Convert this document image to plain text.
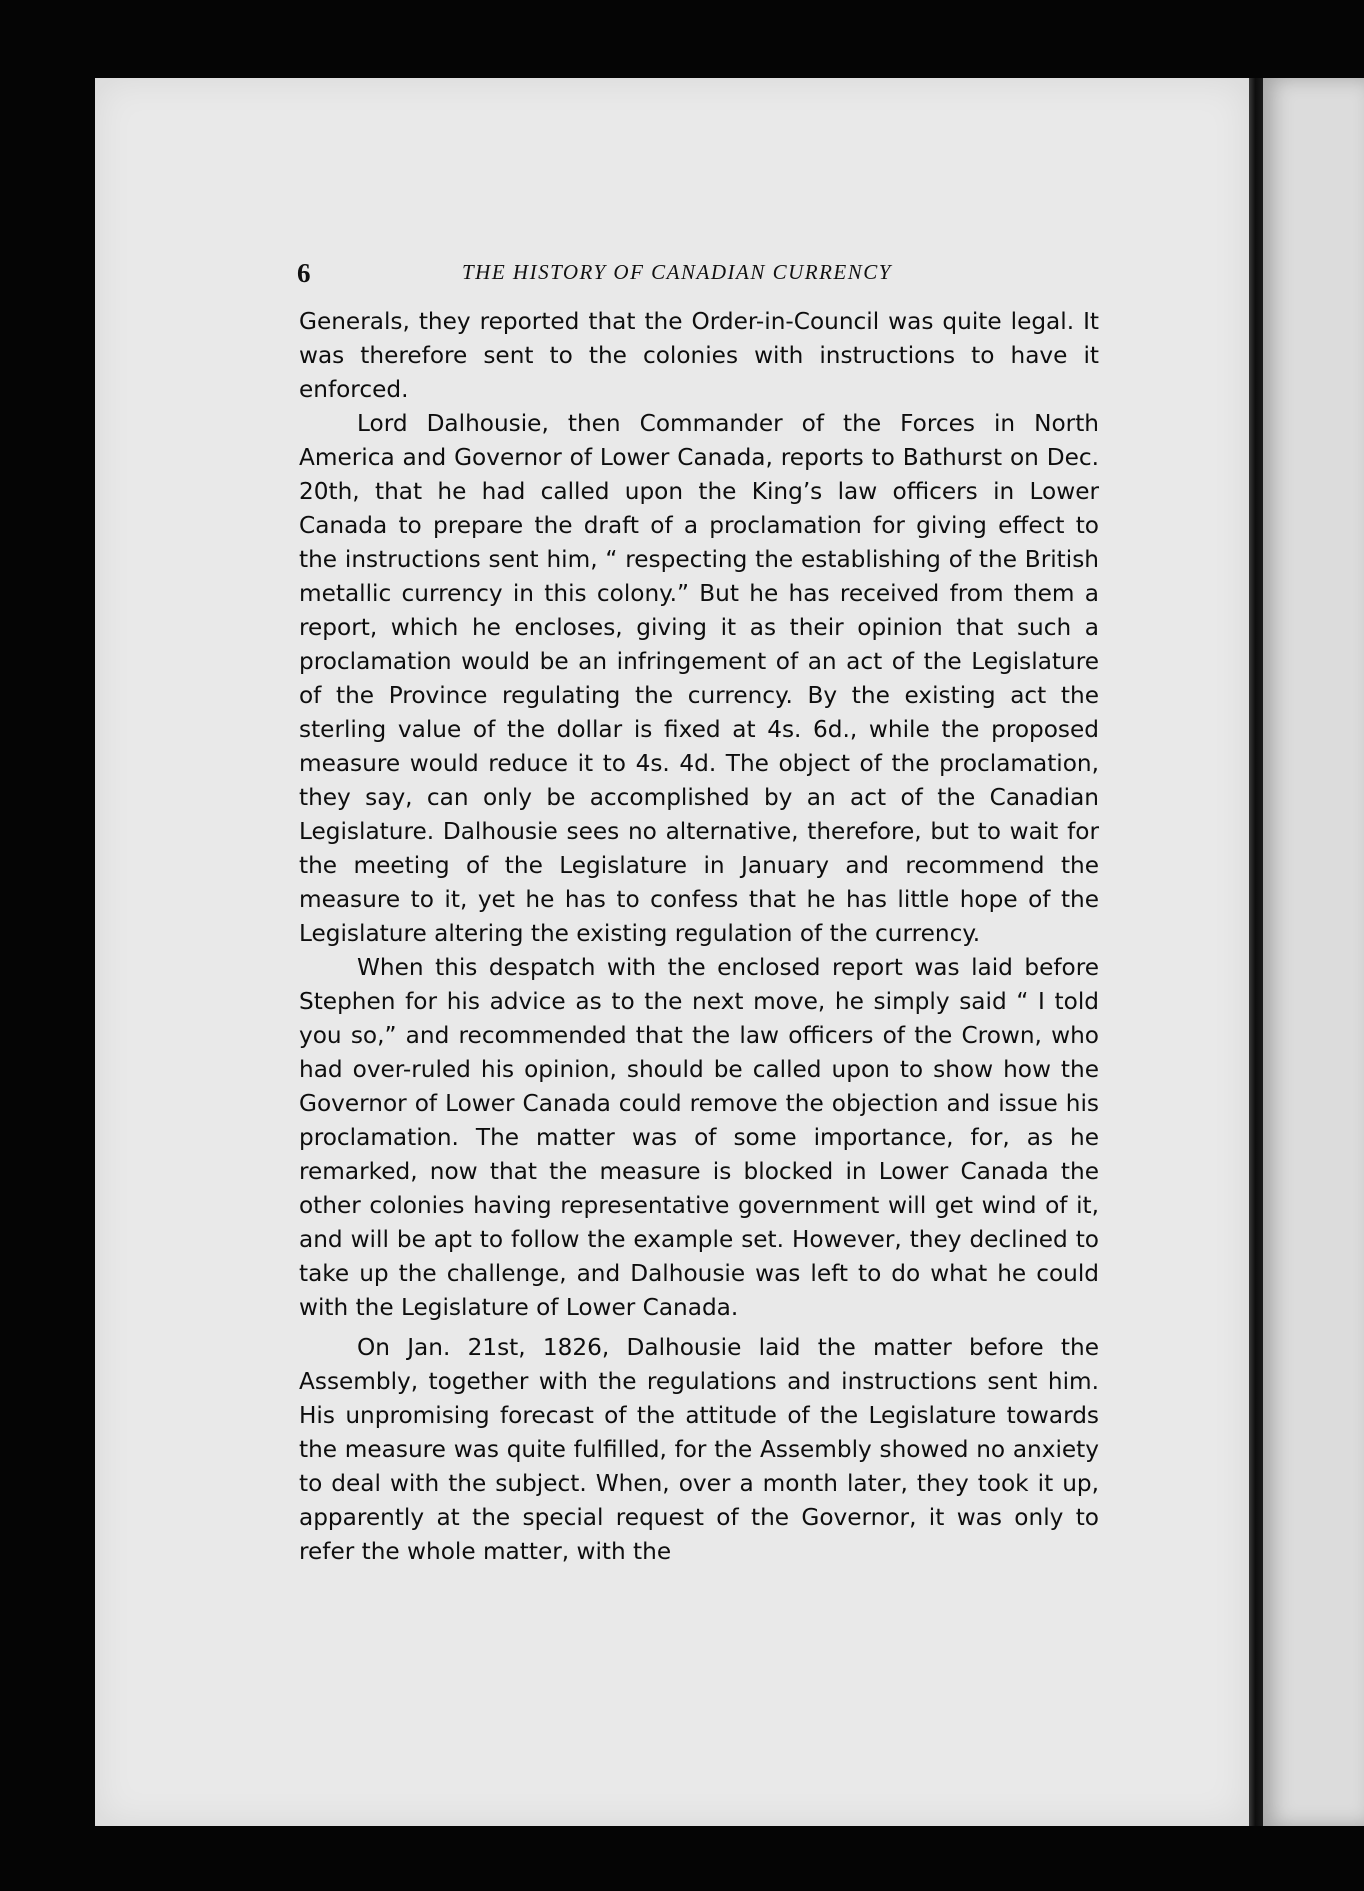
6	THE HISTORY OF CANADIAN CURRENCY

Generals, they reported that the Order-in-Council was quite legal. It was therefore sent to the colonies with instructions to have it enforced.

Lord Dalhousie, then Commander of the Forces in North America and Governor of Lower Canada, reports to Bathurst on Dec. 20th, that he had called upon the King’s law officers in Lower Canada to prepare the draft of a proclamation for giving effect to the instructions sent him, “ respecting the establishing of the British metallic currency in this colony.” But he has received from them a report, which he encloses, giving it as their opinion that such a proclamation would be an infringement of an act of the Legislature of the Province regulating the currency. By the existing act the sterling value of the dollar is fixed at 4s. 6d., while the proposed measure would reduce it to 4s. 4d. The object of the proclamation, they say, can only be accomplished by an act of the Canadian Legislature. Dalhousie sees no alternative, therefore, but to wait for the meeting of the Legislature in January and recommend the measure to it, yet he has to confess that he has little hope of the Legislature altering the existing regulation of the currency.

When this despatch with the enclosed report was laid before Stephen for his advice as to the next move, he simply said “ I told you so,” and recommended that the law officers of the Crown, who had over-ruled his opinion, should be called upon to show how the Governor of Lower Canada could remove the objection and issue his proclamation. The matter was of some importance, for, as he remarked, now that the measure is blocked in Lower Canada the other colonies having representative government will get wind of it, and will be apt to follow the example set. However, they declined to take up the challenge, and Dalhousie was left to do what he could with the Legislature of Lower Canada.

On Jan. 21st, 1826, Dalhousie laid the matter before the Assembly, together with the regulations and instructions sent him. His unpromising forecast of the attitude of the Legislature towards the measure was quite fulfilled, for the Assembly showed no anxiety to deal with the subject. When, over a month later, they took it up, apparently at the special request of the Governor, it was only to refer the whole matter, with the
